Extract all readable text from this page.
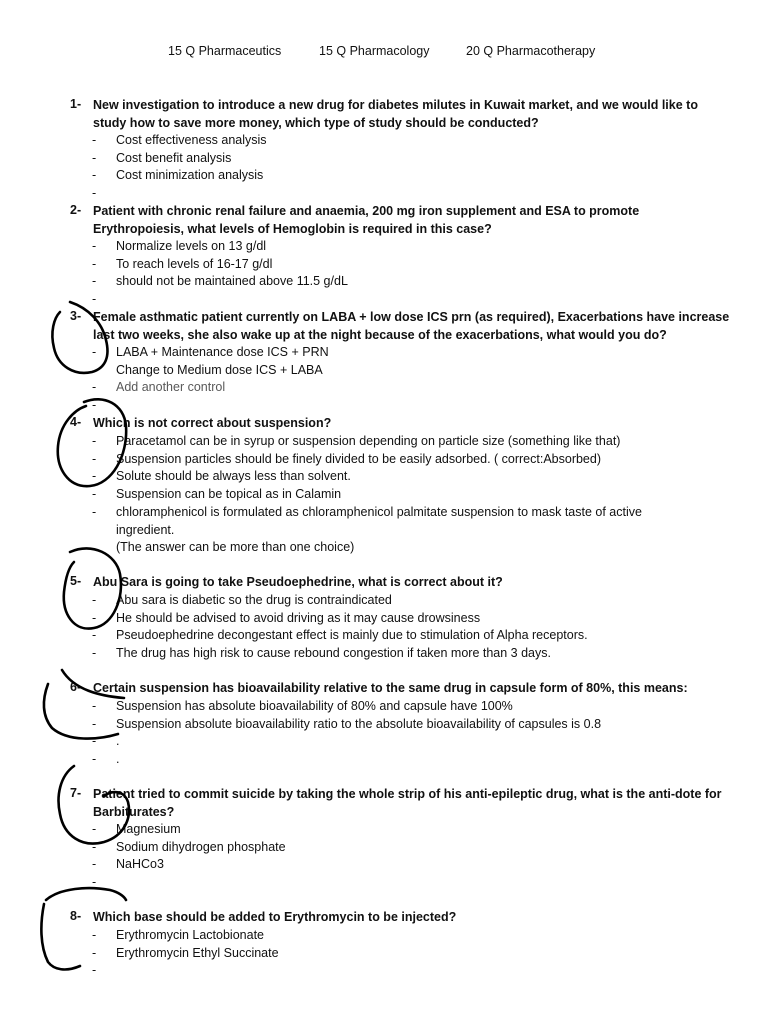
15 Q Pharmaceutics	15 Q Pharmacology	20 Q Pharmacotherapy
1- New investigation to introduce a new drug for diabetes milutes in Kuwait market, and we would like to study how to save more money, which type of study should be conducted?
- Cost effectiveness analysis
- Cost benefit analysis
- Cost minimization analysis
-
2- Patient with chronic renal failure and anaemia, 200 mg iron supplement and ESA to promote Erythropoiesis, what levels of Hemoglobin is required in this case?
- Normalize levels on 13 g/dl
- To reach levels of 16-17 g/dl
- should not be maintained above 11.5 g/dL
-
3- Female asthmatic patient currently on LABA + low dose ICS prn (as required), Exacerbations have increase last two weeks, she also wake up at the night because of the exacerbations, what would you do?
- LABA + Maintenance dose ICS + PRN
Change to Medium dose ICS + LABA
- Add another control
-
4- Which is not correct about suspension?
- Paracetamol can be in syrup or suspension depending on particle size (something like that)
- Suspension particles should be finely divided to be easily adsorbed. ( correct:Absorbed)
- Solute should be always less than solvent.
- Suspension can be topical as in Calamin
- chloramphenicol is formulated as chloramphenicol palmitate suspension to mask taste of active ingredient.
(The answer can be more than one choice)
5- Abu Sara is going to take Pseudoephedrine, what is correct about it?
- Abu sara is diabetic so the drug is contraindicated
- He should be advised to avoid driving as it may cause drowsiness
- Pseudoephedrine decongestant effect is mainly due to stimulation of Alpha receptors.
- The drug has high risk to cause rebound congestion if taken more than 3 days.
6- Certain suspension has bioavailability relative to the same drug in capsule form of 80%, this means:
- Suspension has absolute bioavailability of 80% and capsule have 100%
- Suspension absolute bioavailability ratio to the absolute bioavailability of capsules is 0.8
- .
- .
7- Patient tried to commit suicide by taking the whole strip of his anti-epileptic drug, what is the anti-dote for Barbiturates?
- Magnesium
- Sodium dihydrogen phosphate
- NaHCo3
-
8- Which base should be added to Erythromycin to be injected?
- Erythromycin Lactobionate
- Erythromycin Ethyl Succinate
-
